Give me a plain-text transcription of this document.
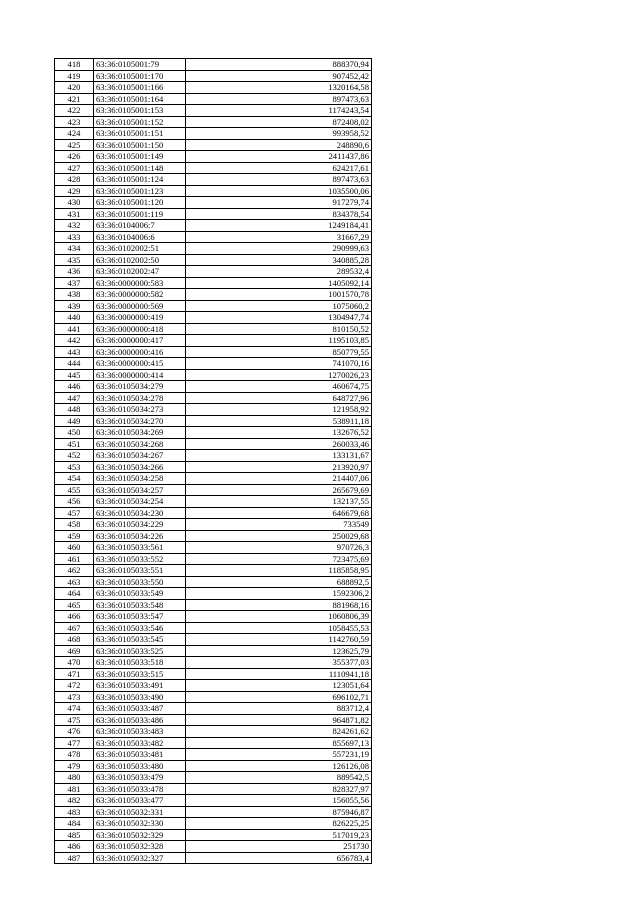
418	63:36:0105001:79	888370,94
419	63:36:0105001:170	907452,42
420	63:36:0105001:166	1320164,58
421	63:36:0105001:164	897473,63
422	63:36:0105001:153	1174243,54
423	63:36:0105001:152	872408,02
424	63:36:0105001:151	993958,52
425	63:36:0105001:150	248890,6
426	63:36:0105001:149	2411437,86
427	63:36:0105001:148	624217,61
428	63:36:0105001:124	897473,63
429	63:36:0105001:123	1035500,06
430	63:36:0105001:120	917279,74
431	63:36:0105001:119	834378,54
432	63:36:0104006:7	1249184,41
433	63:36:0104006:6	31667,29
434	63:36:0102002:51	290999,63
435	63:36:0102002:50	340885,28
436	63:36:0102002:47	289532,4
437	63:36:0000000:583	1405092,14
438	63:36:0000000:582	1001570,78
439	63:36:0000000:569	1075060,2
440	63:36:0000000:419	1304947,74
441	63:36:0000000:418	810150,52
442	63:36:0000000:417	1195103,85
443	63:36:0000000:416	850779,55
444	63:36:0000000:415	741070,16
445	63:36:0000000:414	1270026,23
446	63:36:0105034:279	460674,75
447	63:36:0105034:278	648727,96
448	63:36:0105034:273	121958,92
449	63:36:0105034:270	538911,18
450	63:36:0105034:269	132676,52
451	63:36:0105034:268	260033,46
452	63:36:0105034:267	133131,67
453	63:36:0105034:266	213920,97
454	63:36:0105034:258	214407,06
455	63:36:0105034:257	265679,69
456	63:36:0105034:254	132137,55
457	63:36:0105034:230	646679,68
458	63:36:0105034:229	733549
459	63:36:0105034:226	250029,68
460	63:36:0105033:561	970726,3
461	63:36:0105033:552	723475,69
462	63:36:0105033:551	1185858,95
463	63:36:0105033:550	688892,5
464	63:36:0105033:549	1592306,2
465	63:36:0105033:548	881968,16
466	63:36:0105033:547	1060806,39
467	63:36:0105033:546	1058455,53
468	63:36:0105033:545	1142760,59
469	63:36:0105033:525	123625,79
470	63:36:0105033:518	355377,03
471	63:36:0105033:515	1110941,18
472	63:36:0105033:491	123051,64
473	63:36:0105033:490	696102,71
474	63:36:0105033:487	883712,4
475	63:36:0105033:486	964871,82
476	63:36:0105033:483	824261,62
477	63:36:0105033:482	855697,13
478	63:36:0105033:481	557231,19
479	63:36:0105033:480	126126,08
480	63:36:0105033:479	889542,5
481	63:36:0105033:478	828327,97
482	63:36:0105033:477	156055,56
483	63:36:0105032:331	875946,87
484	63:36:0105032:330	826225,25
485	63:36:0105032:329	517019,23
486	63:36:0105032:328	251730
487	63:36:0105032:327	656783,4
